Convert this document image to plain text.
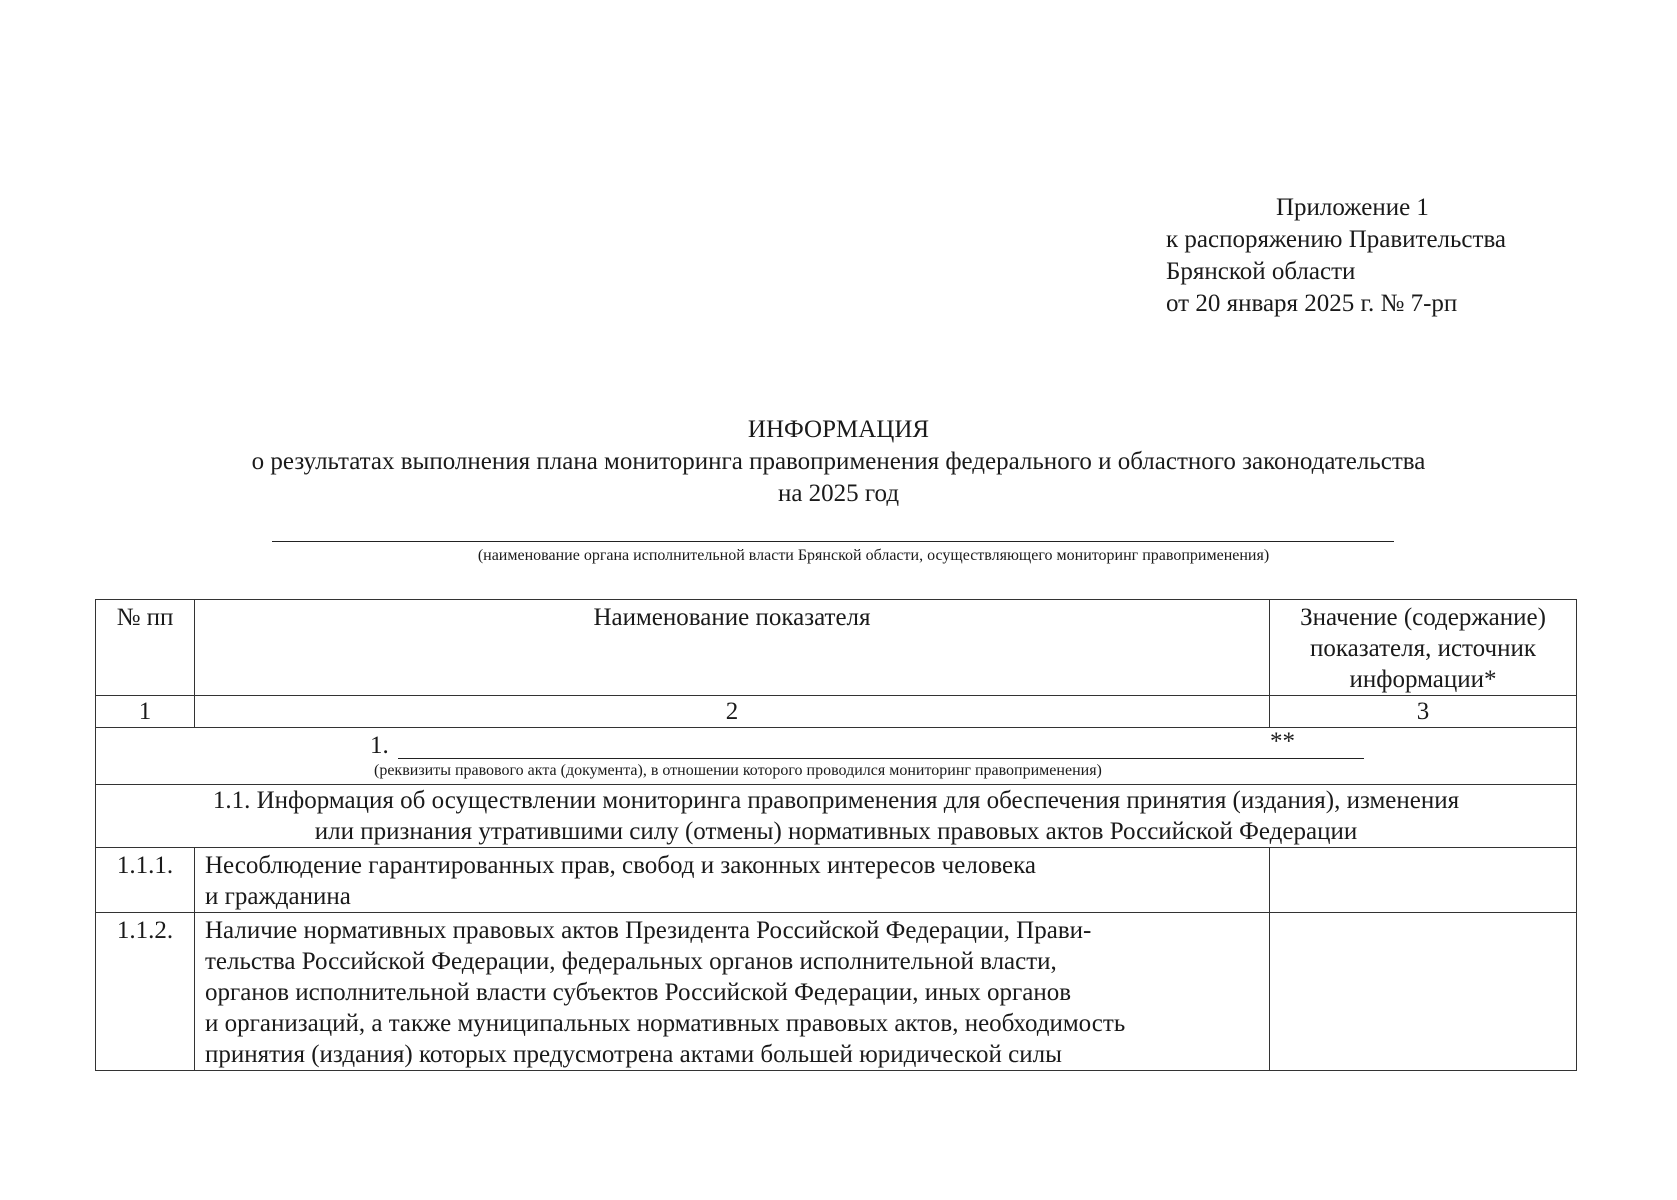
Приложение 1
к распоряжению Правительства
Брянской области
от 20 января 2025 г. № 7-рп
ИНФОРМАЦИЯ
о результатах выполнения плана мониторинга правоприменения федерального и областного законодательства
на 2025 год
(наименование органа исполнительной власти Брянской области, осуществляющего мониторинг правоприменения)
№ пп	Наименование показателя	Значение (содержание)
показателя, источник
информации*

1	2	3

1. **
(реквизиты правового акта (документа), в отношении которого проводился мониторинг правоприменения)		

1.1. Информация об осуществлении мониторинга правоприменения для обеспечения принятия (издания), изменения
или признания утратившими силу (отмены) нормативных правовых актов Российской Федерации		

1.1.1.	Несоблюдение гарантированных прав, свобод и законных интересов человека
и гражданина	

1.1.2.	Наличие нормативных правовых актов Президента Российской Федерации, Прави-
тельства Российской Федерации, федеральных органов исполнительной власти,
органов исполнительной власти субъектов Российской Федерации, иных органов
и организаций, а также муниципальных нормативных правовых актов, необходимость
принятия (издания) которых предусмотрена актами большей юридической силы	
